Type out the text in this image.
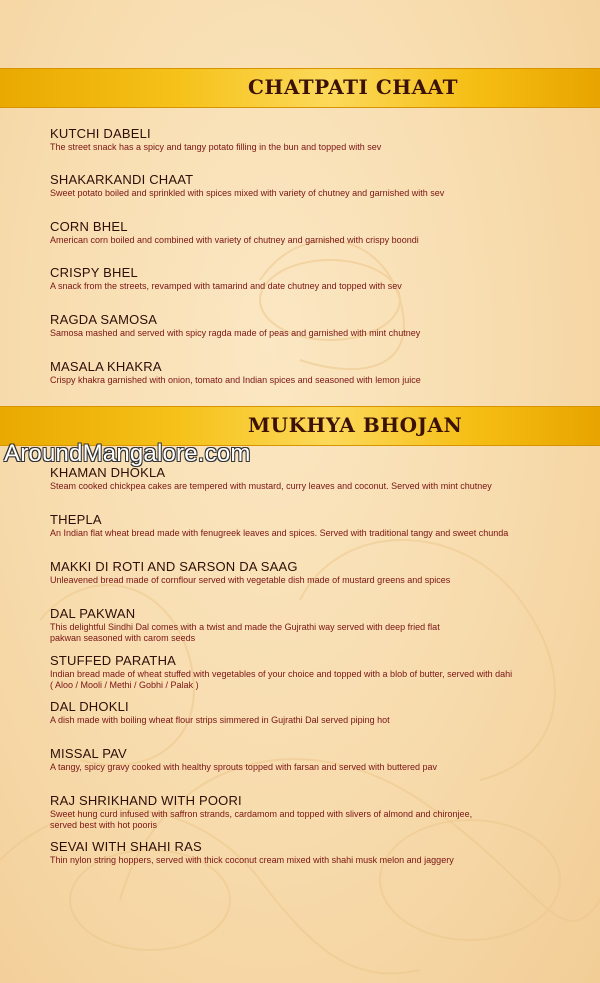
CHATPATI CHAAT
KUTCHI DABELI
The street snack has a spicy and tangy potato filling in the bun and topped with sev
SHAKARKANDI CHAAT
Sweet potato boiled and sprinkled with spices mixed with variety of chutney and garnished with sev
CORN BHEL
American corn boiled and combined with variety of chutney and garnished with crispy boondi
CRISPY BHEL
A snack from the streets, revamped with tamarind and date chutney and topped with sev
RAGDA SAMOSA
Samosa mashed and served with spicy ragda made of peas and garnished with mint chutney
MASALA KHAKRA
Crispy khakra garnished with onion, tomato and Indian spices and seasoned with lemon juice
MUKHYA BHOJAN
KHAMAN DHOKLA
Steam cooked chickpea cakes are tempered with mustard, curry leaves and coconut. Served with mint chutney
THEPLA
An Indian flat wheat bread made with fenugreek leaves and spices. Served with traditional tangy and sweet chunda
MAKKI DI ROTI AND SARSON DA SAAG
Unleavened bread made of cornflour served with vegetable dish made of mustard greens and spices
DAL PAKWAN
This delightful Sindhi Dal comes with a twist and made the Gujrathi way served with deep fried flat
pakwan seasoned with carom seeds
STUFFED PARATHA
Indian bread made of wheat stuffed with vegetables of your choice and topped with a blob of butter, served with dahi
( Aloo / Mooli / Methi / Gobhi / Palak )
DAL DHOKLI
A dish made with boiling wheat flour strips simmered in Gujrathi Dal served piping hot
MISSAL PAV
A tangy, spicy gravy cooked with healthy sprouts topped with farsan and served with buttered pav
RAJ SHRIKHAND WITH POORI
Sweet hung curd infused with saffron strands, cardamom and topped with slivers of almond and chironjee,
served best with hot pooris
SEVAI WITH SHAHI RAS
Thin nylon string hoppers, served with thick coconut cream mixed with shahi musk melon and jaggery
AroundMangalore.com
